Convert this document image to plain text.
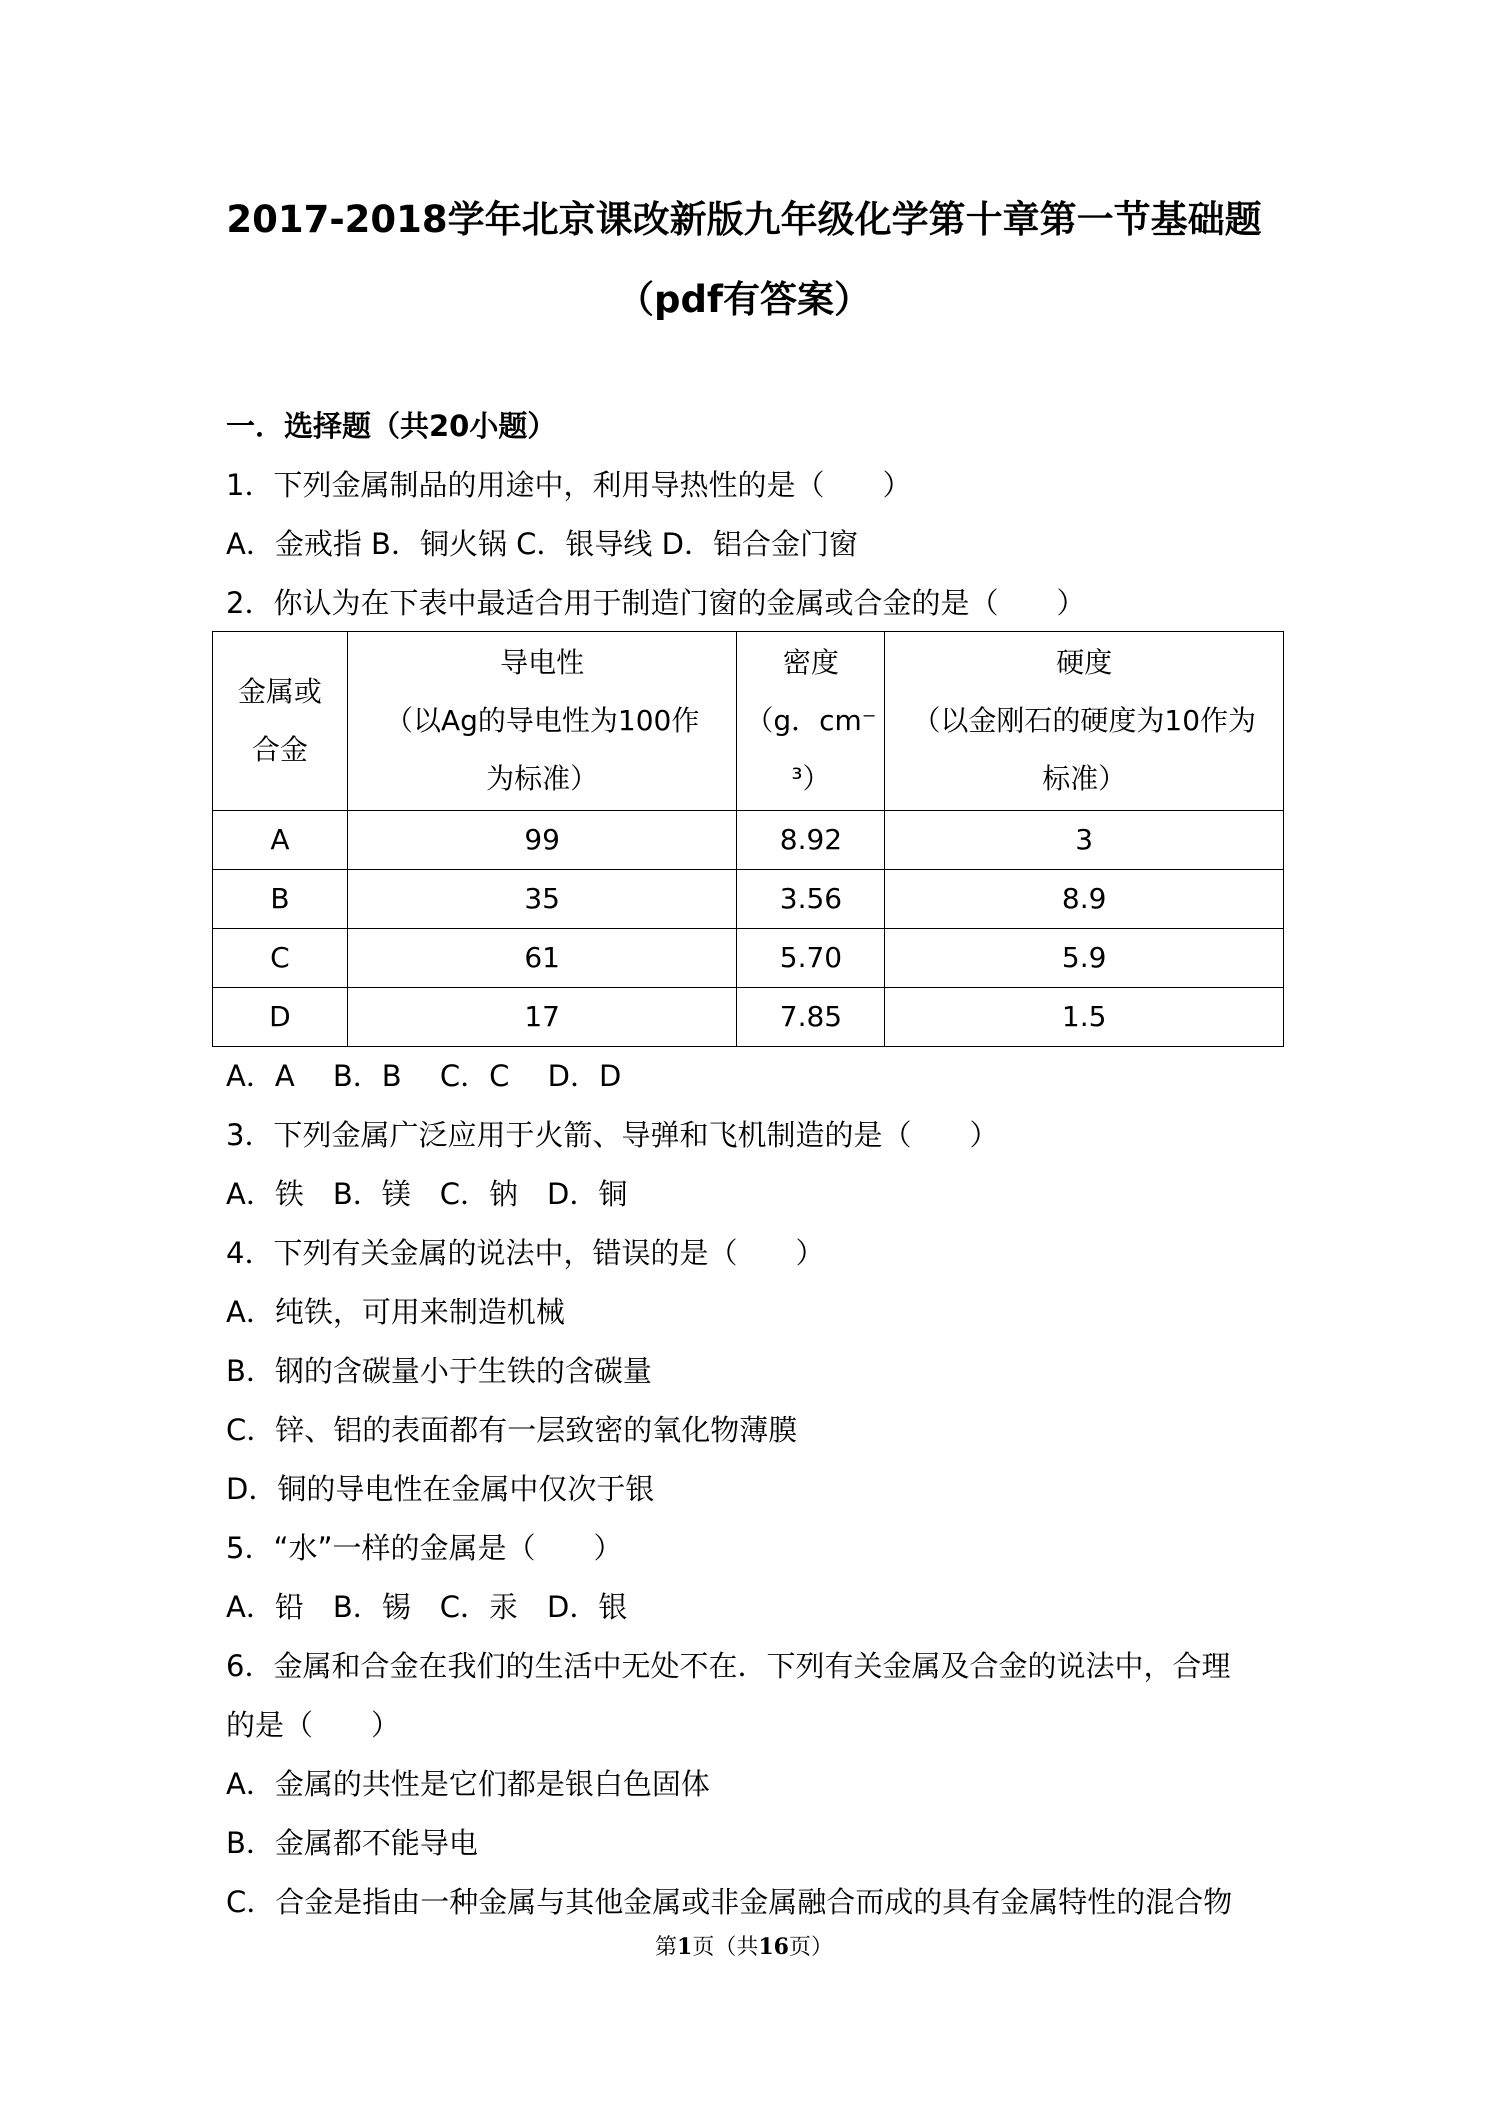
2017-2018学年北京课改新版九年级化学第十章第一节基础题
（pdf有答案）
一．选择题（共20小题）
1．下列金属制品的用途中，利用导热性的是（　　）
A．金戒指 B．铜火锅 C．银导线 D．铝合金门窗
2．你认为在下表中最适合用于制造门窗的金属或合金的是（　　）
金属或
合金	导电性
（以Ag的导电性为100作
为标准）	密度
（g．cm⁻
³）	硬度
（以金刚石的硬度为10作为
标准）

A	99	8.92	3
B	35	3.56	8.9
C	61	5.70	5.9
D	17	7.85	1.5
A．A　 B．B　 C．C　 D．D
3．下列金属广泛应用于火箭、导弹和飞机制造的是（　　）
A．铁　B．镁　C．钠　D．铜
4．下列有关金属的说法中，错误的是（　　）
A．纯铁，可用来制造机械
B．钢的含碳量小于生铁的含碳量
C．锌、铝的表面都有一层致密的氧化物薄膜
D．铜的导电性在金属中仅次于银
5．“水”一样的金属是（　　）
A．铅　B．锡　C．汞　D．银
6．金属和合金在我们的生活中无处不在．下列有关金属及合金的说法中，合理
的是（　　）
A．金属的共性是它们都是银白色固体
B．金属都不能导电
C．合金是指由一种金属与其他金属或非金属融合而成的具有金属特性的混合物
第1页（共16页）
